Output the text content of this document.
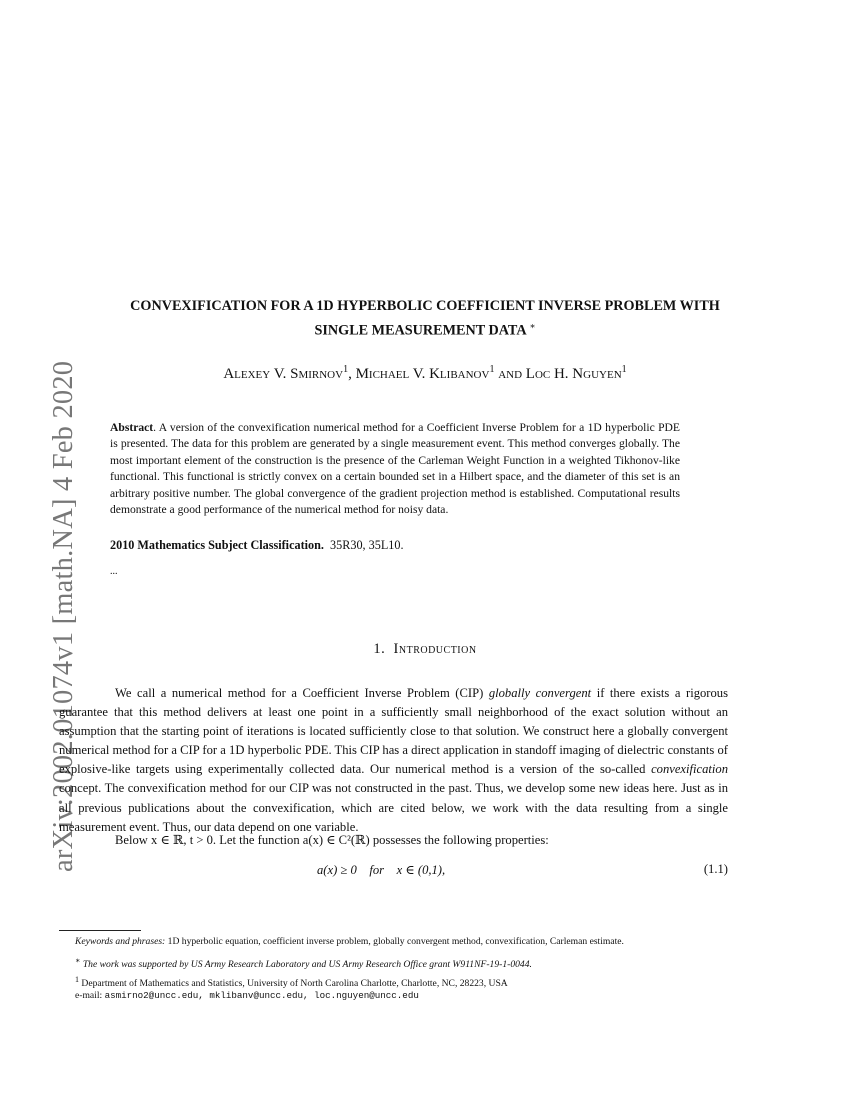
arXiv:2002.01074v1 [math.NA] 4 Feb 2020
CONVEXIFICATION FOR A 1D HYPERBOLIC COEFFICIENT INVERSE PROBLEM WITH
SINGLE MEASUREMENT DATA ∗
Alexey V. Smirnov$^1$, Michael V. Klibanov$^1$ and Loc H. Nguyen$^1$
Abstract. A version of the convexification numerical method for a Coefficient Inverse Problem for a 1D hyperbolic PDE is presented. The data for this problem are generated by a single measurement event. This method converges globally. The most important element of the construction is the presence of the Carleman Weight Function in a weighted Tikhonov-like functional. This functional is strictly convex on a certain bounded set in a Hilbert space, and the diameter of this set is an arbitrary positive number. The global convergence of the gradient projection method is established. Computational results demonstrate a good performance of the numerical method for noisy data.
2010 Mathematics Subject Classification. 35R30, 35L10.
...
1. Introduction
We call a numerical method for a Coefficient Inverse Problem (CIP) globally convergent if there exists a rigorous guarantee that this method delivers at least one point in a sufficiently small neighborhood of the exact solution without an assumption that the starting point of iterations is located sufficiently close to that solution. We construct here a globally convergent numerical method for a CIP for a 1D hyperbolic PDE. This CIP has a direct application in standoff imaging of dielectric constants of explosive-like targets using experimentally collected data. Our numerical method is a version of the so-called convexification concept. The convexification method for our CIP was not constructed in the past. Thus, we develop some new ideas here. Just as in all previous publications about the convexification, which are cited below, we work with the data resulting from a single measurement event. Thus, our data depend on one variable.
Below x ∈ ℝ, t > 0. Let the function a(x) ∈ C²(ℝ) possesses the following properties:
a(x) ≥ 0    for    x ∈ (0,1),	(1.1)
Keywords and phrases: 1D hyperbolic equation, coefficient inverse problem, globally convergent method, convexification, Carleman estimate.
∗ The work was supported by US Army Research Laboratory and US Army Research Office grant W911NF-19-1-0044.
$^1$ Department of Mathematics and Statistics, University of North Carolina Charlotte, Charlotte, NC, 28223, USA
e-mail: asmirno2@uncc.edu, mklibanv@uncc.edu, loc.nguyen@uncc.edu
